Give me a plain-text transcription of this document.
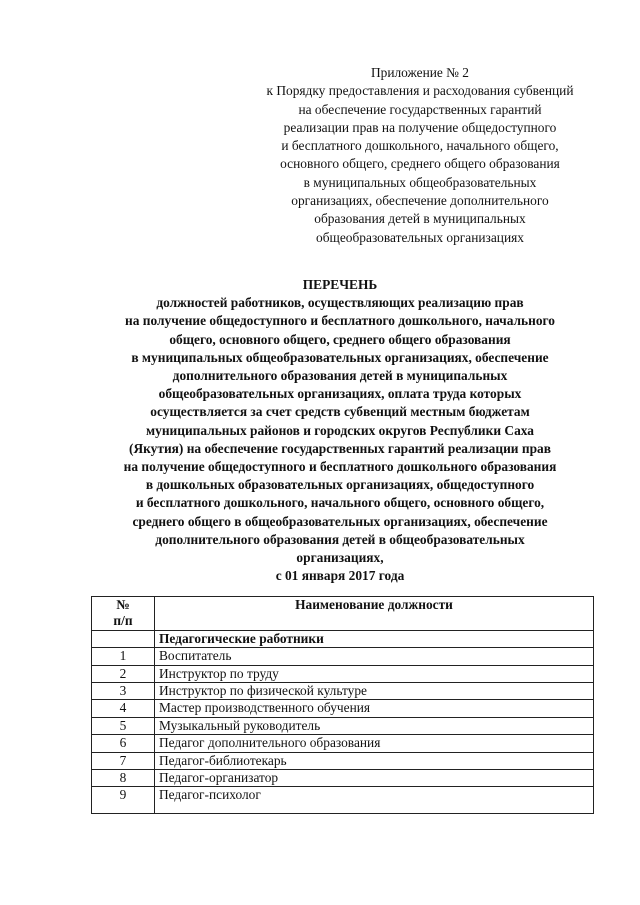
Приложение № 2
к Порядку предоставления и расходования субвенций
на обеспечение государственных гарантий
реализации прав на получение общедоступного
и бесплатного дошкольного, начального общего,
основного общего, среднего общего образования
в муниципальных общеобразовательных
организациях, обеспечение дополнительного
образования детей в муниципальных
общеобразовательных организациях
ПЕРЕЧЕНЬ
должностей работников, осуществляющих реализацию прав
на получение общедоступного и бесплатного дошкольного, начального
общего, основного общего, среднего общего образования
в муниципальных общеобразовательных организациях, обеспечение
дополнительного образования детей в муниципальных
общеобразовательных организациях, оплата труда которых
осуществляется за счет средств субвенций местным бюджетам
муниципальных районов и городских округов Республики Саха
(Якутия) на обеспечение государственных гарантий реализации прав
на получение общедоступного и бесплатного дошкольного образования
в дошкольных образовательных организациях, общедоступного
и бесплатного дошкольного, начального общего, основного общего,
среднего общего в общеобразовательных организациях, обеспечение
дополнительного образования детей в общеобразовательных
организациях,
с 01 января 2017 года
№
п/п	Наименование должности
	Педагогические работники
1	Воспитатель
2	Инструктор по труду
3	Инструктор по физической культуре
4	Мастер производственного обучения
5	Музыкальный руководитель
6	Педагог дополнительного образования
7	Педагог-библиотекарь
8	Педагог-организатор
9	Педагог-психолог
